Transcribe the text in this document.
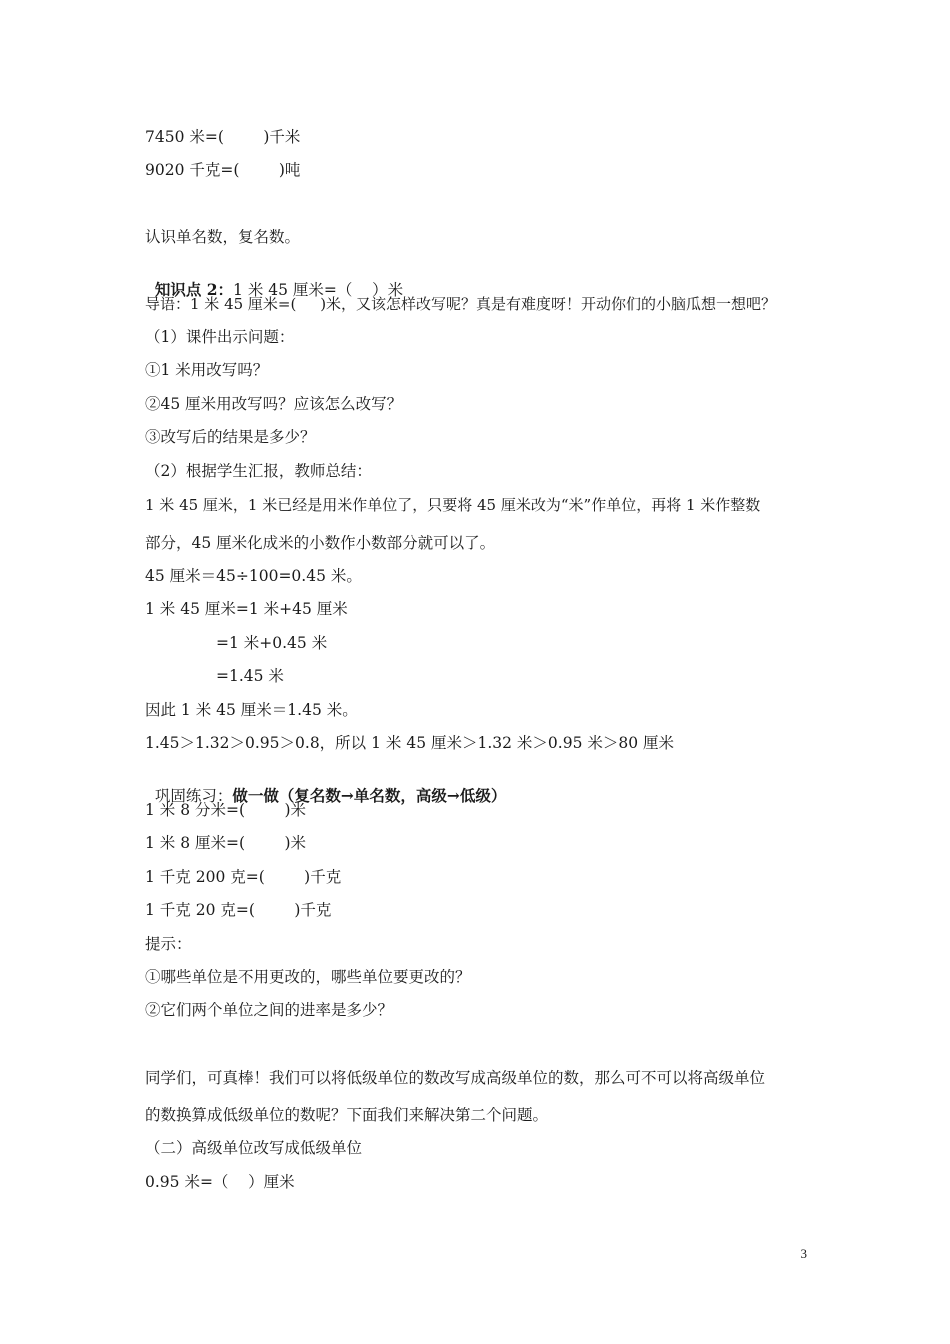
7450 米=(        )千米
9020 千克=(        )吨
认识单名数，复名数。

知识点 2：1 米 45 厘米=（    ）米

导语：1 米 45 厘米=(     )米，又该怎样改写呢？真是有难度呀！开动你们的小脑瓜想一想吧？
（1）课件出示问题：
①1 米用改写吗？
②45 厘米用改写吗？应该怎么改写？
③改写后的结果是多少？
（2）根据学生汇报，教师总结：
1 米 45 厘米，1 米已经是用米作单位了，只要将 45 厘米改为“米”作单位，再将 1 米作整数
部分，45 厘米化成米的小数作小数部分就可以了。
45 厘米＝45÷100=0.45 米。
1 米 45 厘米=1 米+45 厘米
=1 米+0.45 米
=1.45 米
因此 1 米 45 厘米＝1.45 米。
1.45＞1.32＞0.95＞0.8，所以 1 米 45 厘米＞1.32 米＞0.95 米＞80 厘米

巩固练习：做一做（复名数→单名数，高级→低级）

1 米 8 分米=(        )米
1 米 8 厘米=(        )米
1 千克 200 克=(        )千克
1 千克 20 克=(        )千克
提示：
①哪些单位是不用更改的，哪些单位要更改的？
②它们两个单位之间的进率是多少？
同学们，可真棒！我们可以将低级单位的数改写成高级单位的数，那么可不可以将高级单位
的数换算成低级单位的数呢？下面我们来解决第二个问题。
（二）高级单位改写成低级单位
0.95 米=（    ）厘米
3
